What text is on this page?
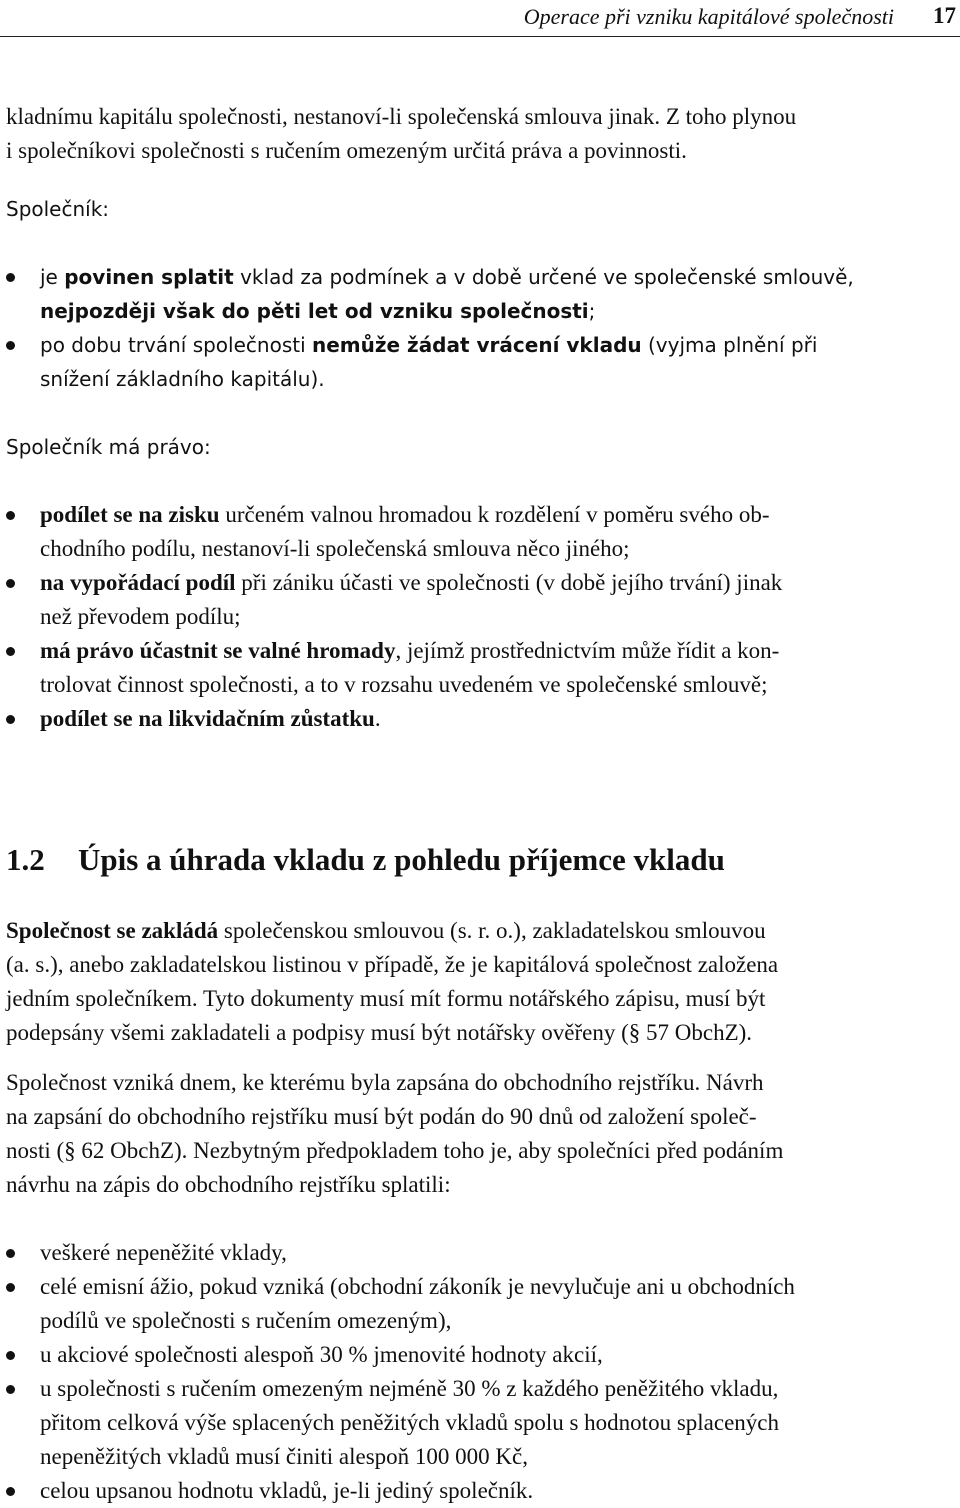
Operace při vzniku kapitálové společnosti 17
kladnímu kapitálu společnosti, nestanoví-li společenská smlouva jinak. Z toho plynou
i společníkovi společnosti s ručením omezeným určitá práva a povinnosti.
Společník:
je povinen splatit vklad za podmínek a v době určené ve společenské smlouvě,
nejpozději však do pěti let od vzniku společnosti;
po dobu trvání společnosti nemůže žádat vrácení vkladu (vyjma plnění při
snížení základního kapitálu).
Společník má právo:
podílet se na zisku určeném valnou hromadou k rozdělení v poměru svého ob-
chodního podílu, nestanoví-li společenská smlouva něco jiného;
na vypořádací podíl při zániku účasti ve společnosti (v době jejího trvání) jinak
než převodem podílu;
má právo účastnit se valné hromady, jejímž prostřednictvím může řídit a kon-
trolovat činnost společnosti, a to v rozsahu uvedeném ve společenské smlouvě;
podílet se na likvidačním zůstatku.
1.2 Úpis a úhrada vkladu z pohledu příjemce vkladu
Společnost se zakládá společenskou smlouvou (s. r. o.), zakladatelskou smlouvou
(a. s.), anebo zakladatelskou listinou v případě, že je kapitálová společnost založena
jedním společníkem. Tyto dokumenty musí mít formu notářského zápisu, musí být
podepsány všemi zakladateli a podpisy musí být notářsky ověřeny (§ 57 ObchZ).
Společnost vzniká dnem, ke kterému byla zapsána do obchodního rejstříku. Návrh
na zapsání do obchodního rejstříku musí být podán do 90 dnů od založení společ-
nosti (§ 62 ObchZ). Nezbytným předpokladem toho je, aby společníci před podáním
návrhu na zápis do obchodního rejstříku splatili:
veškeré nepeněžité vklady,
celé emisní ážio, pokud vzniká (obchodní zákoník je nevylučuje ani u obchodních
podílů ve společnosti s ručením omezeným),
u akciové společnosti alespoň 30 % jmenovité hodnoty akcií,
u společnosti s ručením omezeným nejméně 30 % z každého peněžitého vkladu,
přitom celková výše splacených peněžitých vkladů spolu s hodnotou splacených
nepeněžitých vkladů musí činiti alespoň 100 000 Kč,
celou upsanou hodnotu vkladů, je-li jediný společník.
